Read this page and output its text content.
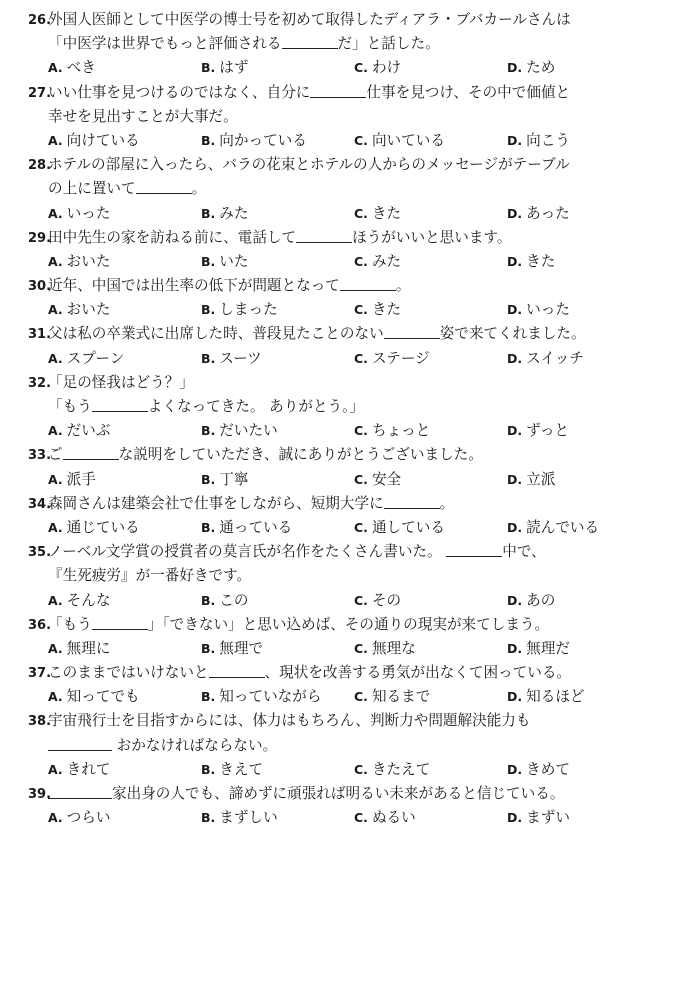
26.外国人医師として中医学の博士号を初めて取得したディアラ・ブバカールさんは
「中医学は世界でもっと評価される	だ」と話した。
A. べき	B. はず	C. わけ	D. ため
27.いい仕事を見つけるのではなく、自分に	仕事を見つけ、その中で価値と
幸せを見出すことが大事だ。
A. 向けている	B. 向かっている	C. 向いている	D. 向こう
28.ホテルの部屋に入ったら、バラの花束とホテルの人からのメッセージがテーブル
の上に置いて	。
A. いった	B. みた	C. きた	D. あった
29.田中先生の家を訪ねる前に、電話して	ほうがいいと思います。
A. おいた	B. いた	C. みた	D. きた
30.近年、中国では出生率の低下が問題となって	。
A. おいた	B. しまった	C. きた	D. いった
31.父は私の卒業式に出席した時、普段見たことのない	姿で来てくれました。
A. スプーン	B. スーツ	C. ステージ	D. スイッチ
32.「足の怪我はどう？」
「もう	よくなってきた。 ありがとう。」
A. だいぶ	B. だいたい	C. ちょっと	D. ずっと
33.ご	な説明をしていただき、誠にありがとうございました。
A. 派手	B. 丁寧	C. 安全	D. 立派
34.森岡さんは建築会社で仕事をしながら、短期大学に	。
A. 通じている	B. 通っている	C. 通している	D. 読んでいる
35.ノーベル文学賞の授賞者の莫言氏が名作をたくさん書いた。	中で、
『生死疲労』が一番好きです。
A. そんな	B. この	C. その	D. あの
36.「もう	」「できない」と思い込めば、その通りの現実が来てしまう。
A. 無理に	B. 無理で	C. 無理な	D. 無理だ
37.このままではいけないと	、現状を改善する勇気が出なくて困っている。
A. 知ってでも	B. 知っていながら	C. 知るまで	D. 知るほど
38.宇宙飛行士を目指すからには、体力はもちろん、判断力や問題解決能力も
おかなければならない。
A. きれて	B. きえて	C. きたえて	D. きめて
39.	家出身の人でも、諦めずに頑張れば明るい未来があると信じている。
A. つらい	B. まずしい	C. ぬるい	D. まずい
